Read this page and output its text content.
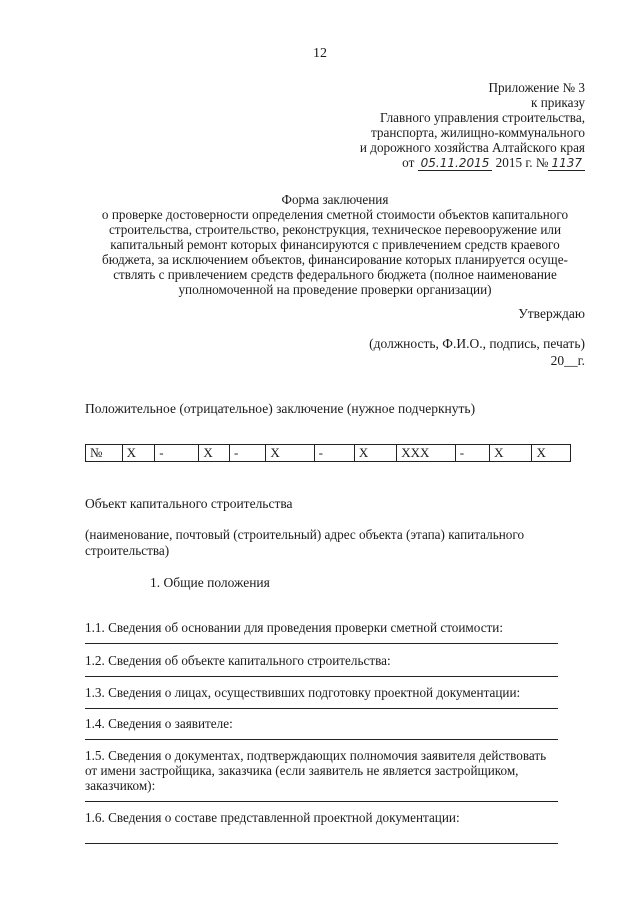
12
Приложение № 3
к приказу
Главного управления строительства,
транспорта, жилищно-коммунального
и дорожного хозяйства Алтайского края
от 05.11.2015 2015 г. № 1137
Форма заключения
о проверке достоверности определения сметной стоимости объектов капитального
строительства, строительство, реконструкция, техническое перевооружение или
капитальный ремонт которых финансируются с привлечением средств краевого
бюджета, за исключением объектов, финансирование которых планируется осуще-
ствлять с привлечением средств федерального бюджета (полное наименование
уполномоченной на проведение проверки организации)
Утверждаю
(должность, Ф.И.О., подпись, печать)
20__г.
Положительное (отрицательное) заключение (нужное подчеркнуть)
№	X	-	X	-	X	-	X	XXX	-	X	X
Объект капитального строительства
(наименование, почтовый (строительный) адрес объекта (этапа) капитального строительства)
1. Общие положения
1.1. Сведения об основании для проведения проверки сметной стоимости:
1.2. Сведения об объекте капитального строительства:
1.3. Сведения о лицах, осуществивших подготовку проектной документации:
1.4. Сведения о заявителе:
1.5. Сведения о документах, подтверждающих полномочия заявителя действовать от имени застройщика, заказчика (если заявитель не является застройщиком, заказчиком):
1.6. Сведения о составе представленной проектной документации:
